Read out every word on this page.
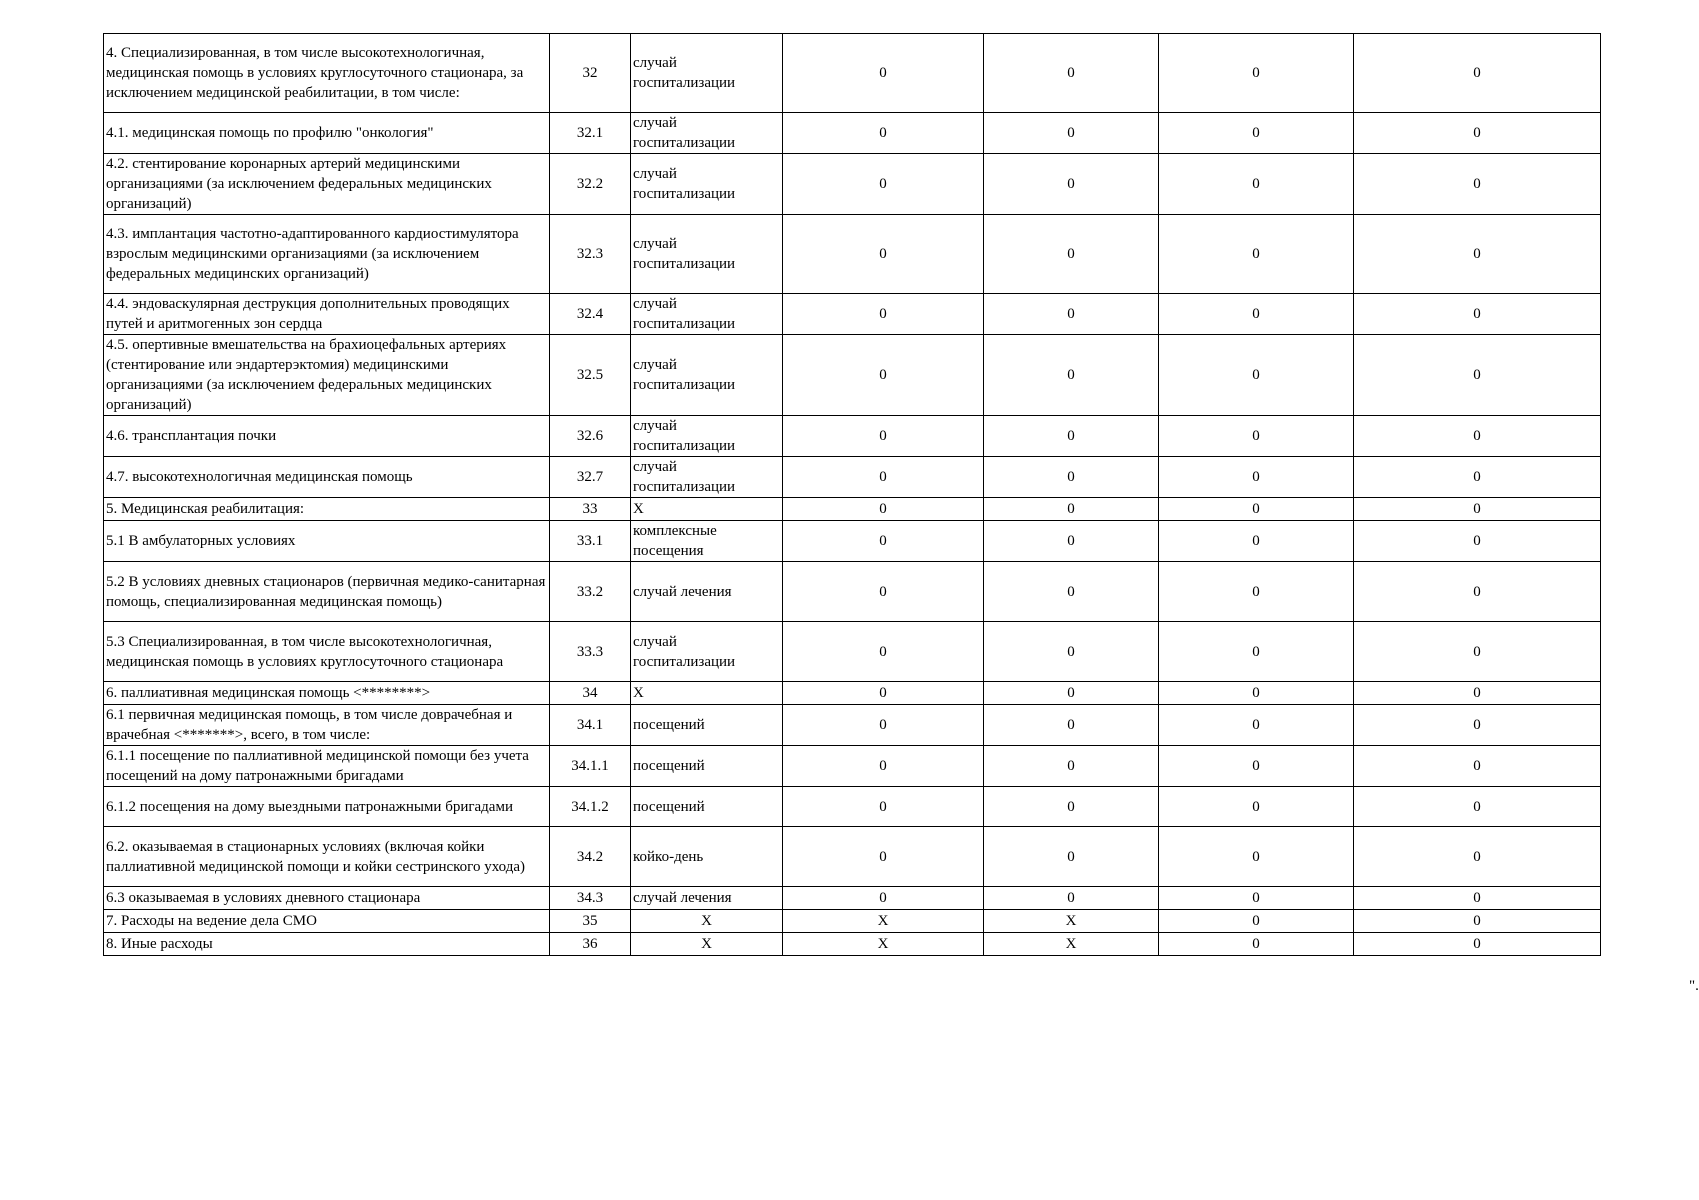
4. Специализированная, в том числе высокотехнологичная, медицинская помощь в условиях круглосуточного стационара, за исключением медицинской реабилитации, в том числе:	32	случай госпитализации	0	0	0	0
4.1. медицинская помощь по профилю "онкология"	32.1	случай госпитализации	0	0	0	0
4.2. стентирование коронарных артерий медицинскими организациями (за исключением федеральных медицинских организаций)	32.2	случай госпитализации	0	0	0	0
4.3. имплантация частотно-адаптированного кардиостимулятора взрослым медицинскими организациями (за исключением федеральных медицинских организаций)	32.3	случай госпитализации	0	0	0	0
4.4. эндоваскулярная деструкция дополнительных проводящих путей и аритмогенных зон сердца	32.4	случай госпитализации	0	0	0	0
4.5. опертивные вмешательства на брахиоцефальных артериях (стентирование или эндартерэктомия) медицинскими организациями (за исключением федеральных медицинских организаций)	32.5	случай госпитализации	0	0	0	0
4.6. трансплантация почки	32.6	случай госпитализации	0	0	0	0
4.7. высокотехнологичная медицинская помощь	32.7	случай госпитализации	0	0	0	0
5. Медицинская реабилитация:	33	Х	0	0	0	0
5.1 В амбулаторных условиях	33.1	комплексные посещения	0	0	0	0
5.2 В условиях дневных стационаров (первичная медико-санитарная помощь, специализированная медицинская помощь)	33.2	случай лечения	0	0	0	0
5.3 Специализированная, в том числе высокотехнологичная, медицинская помощь в условиях круглосуточного стационара	33.3	случай госпитализации	0	0	0	0
6. паллиативная медицинская помощь <********>	34	Х	0	0	0	0
6.1 первичная медицинская помощь, в том числе доврачебная и врачебная <*******>, всего, в том числе:	34.1	посещений	0	0	0	0
6.1.1 посещение по паллиативной медицинской помощи без учета посещений на дому патронажными бригадами	34.1.1	посещений	0	0	0	0
6.1.2 посещения на дому выездными патронажными бригадами	34.1.2	посещений	0	0	0	0
6.2. оказываемая в стационарных условиях (включая койки паллиативной медицинской помощи и койки сестринского ухода)	34.2	койко-день	0	0	0	0
6.3 оказываемая в условиях дневного стационара	34.3	случай лечения	0	0	0	0
7. Расходы на ведение дела СМО	35	Х	Х	Х	0	0
8. Иные расходы	36	Х	Х	Х	0	0
".
